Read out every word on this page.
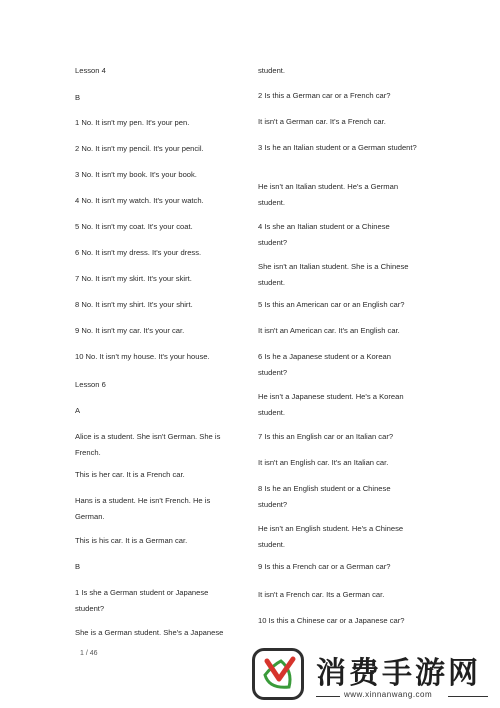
Lesson 4
B
1 No. It isn't my pen. It's your pen.
2 No. It isn't my pencil. It's your pencil.
3 No. It isn't my book. It's your book.
4 No. It isn't my watch. It's your watch.
5 No. It isn't my coat. It's your coat.
6 No. It isn't my dress. It's your dress.
7 No. It isn't my skirt. It's your skirt.
8 No. It isn't my shirt. It's your shirt.
9 No. It isn't my car. It's your car.
10 No. It isn't my house. It's your house.
Lesson 6
A
Alice is a student. She isn't German. She is
French.
This is her car. It is a French car.
Hans is a student. He isn't French. He is
German.
This is his car. It is a German car.
B
1 Is she a German student or Japanese
student?
She is a German student. She's a Japanese
student.
2 Is this a German car or a French car?
It isn't a German car. It's a French car.
3 Is he an Italian student or a German student?
He isn't an Italian student. He's a German
student.
4 Is she an Italian student or a Chinese
student?
She isn't an Italian student. She is a Chinese
student.
5 Is this an American car or an English car?
It isn't an American car. It's an English car.
6 Is he a Japanese student or a Korean
student?
He isn't a Japanese student. He's a Korean
student.
7 Is this an English car or an Italian car?
It isn't an English car. It's an Italian car.
8 Is he an English student or a Chinese
student?
He isn't an English student. He's a Chinese
student.
9 Is this a French car or a German car?
It isn't a French car. Its a German car.
10 Is this a Chinese car or a Japanese car?
1 / 46
消费手游网
www.xinnanwang.com
